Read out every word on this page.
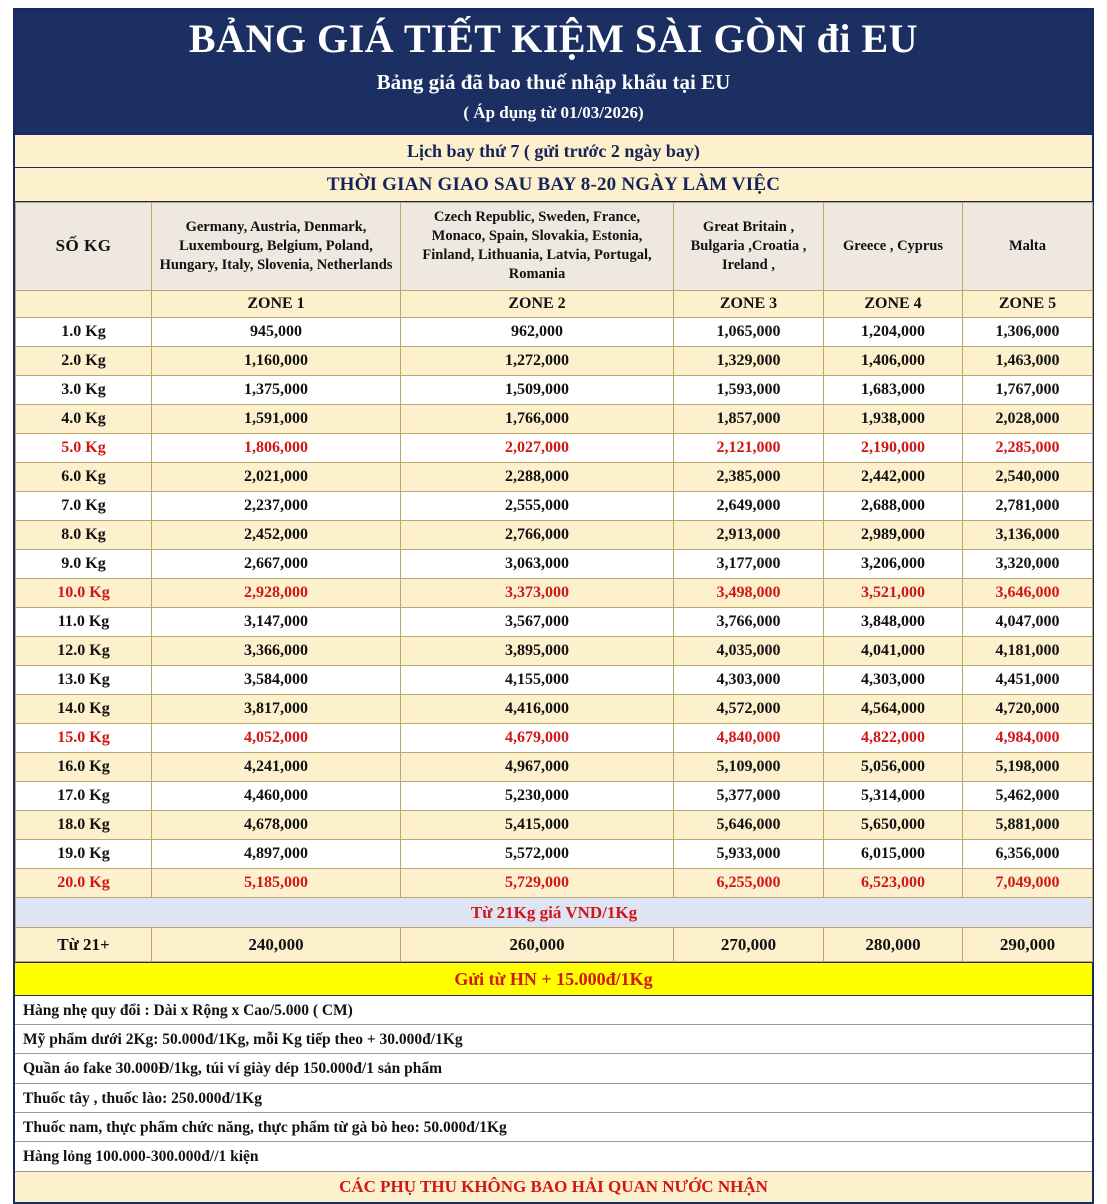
BẢNG GIÁ TIẾT KIỆM SÀI GÒN đi EU
Bảng giá đã bao thuế nhập khẩu tại EU
( Áp dụng từ 01/03/2026)
Lịch bay thứ 7 ( gửi trước 2 ngày bay)
THỜI GIAN GIAO SAU BAY 8-20 NGÀY LÀM VIỆC
SỐ KG	Germany, Austria, Denmark, Luxembourg, Belgium, Poland, Hungary, Italy, Slovenia, Netherlands	Czech Republic, Sweden, France, Monaco, Spain, Slovakia, Estonia, Finland, Lithuania, Latvia, Portugal, Romania	Great Britain , Bulgaria ,Croatia , Ireland ,	Greece , Cyprus	Malta
	ZONE 1	ZONE 2	ZONE 3	ZONE 4	ZONE 5
1.0 Kg	945,000	962,000	1,065,000	1,204,000	1,306,000
2.0 Kg	1,160,000	1,272,000	1,329,000	1,406,000	1,463,000
3.0 Kg	1,375,000	1,509,000	1,593,000	1,683,000	1,767,000
4.0 Kg	1,591,000	1,766,000	1,857,000	1,938,000	2,028,000
5.0 Kg	1,806,000	2,027,000	2,121,000	2,190,000	2,285,000
6.0 Kg	2,021,000	2,288,000	2,385,000	2,442,000	2,540,000
7.0 Kg	2,237,000	2,555,000	2,649,000	2,688,000	2,781,000
8.0 Kg	2,452,000	2,766,000	2,913,000	2,989,000	3,136,000
9.0 Kg	2,667,000	3,063,000	3,177,000	3,206,000	3,320,000
10.0 Kg	2,928,000	3,373,000	3,498,000	3,521,000	3,646,000
11.0 Kg	3,147,000	3,567,000	3,766,000	3,848,000	4,047,000
12.0 Kg	3,366,000	3,895,000	4,035,000	4,041,000	4,181,000
13.0 Kg	3,584,000	4,155,000	4,303,000	4,303,000	4,451,000
14.0 Kg	3,817,000	4,416,000	4,572,000	4,564,000	4,720,000
15.0 Kg	4,052,000	4,679,000	4,840,000	4,822,000	4,984,000
16.0 Kg	4,241,000	4,967,000	5,109,000	5,056,000	5,198,000
17.0 Kg	4,460,000	5,230,000	5,377,000	5,314,000	5,462,000
18.0 Kg	4,678,000	5,415,000	5,646,000	5,650,000	5,881,000
19.0 Kg	4,897,000	5,572,000	5,933,000	6,015,000	6,356,000
20.0 Kg	5,185,000	5,729,000	6,255,000	6,523,000	7,049,000
Từ 21Kg giá VND/1Kg					
Từ 21+	240,000	260,000	270,000	280,000	290,000
Gửi từ HN + 15.000đ/1Kg
Hàng nhẹ quy đổi : Dài x Rộng x Cao/5.000 ( CM)
Mỹ phẩm dưới 2Kg: 50.000đ/1Kg, mỗi Kg tiếp theo + 30.000đ/1Kg
Quần áo fake 30.000Đ/1kg, túi ví giày dép 150.000đ/1 sản phẩm
Thuốc tây , thuốc lào: 250.000đ/1Kg
Thuốc nam, thực phẩm chức năng, thực phẩm từ gà bò heo: 50.000đ/1Kg
Hàng lỏng 100.000-300.000đ//1 kiện
CÁC PHỤ THU KHÔNG BAO HẢI QUAN NƯỚC NHẬN
